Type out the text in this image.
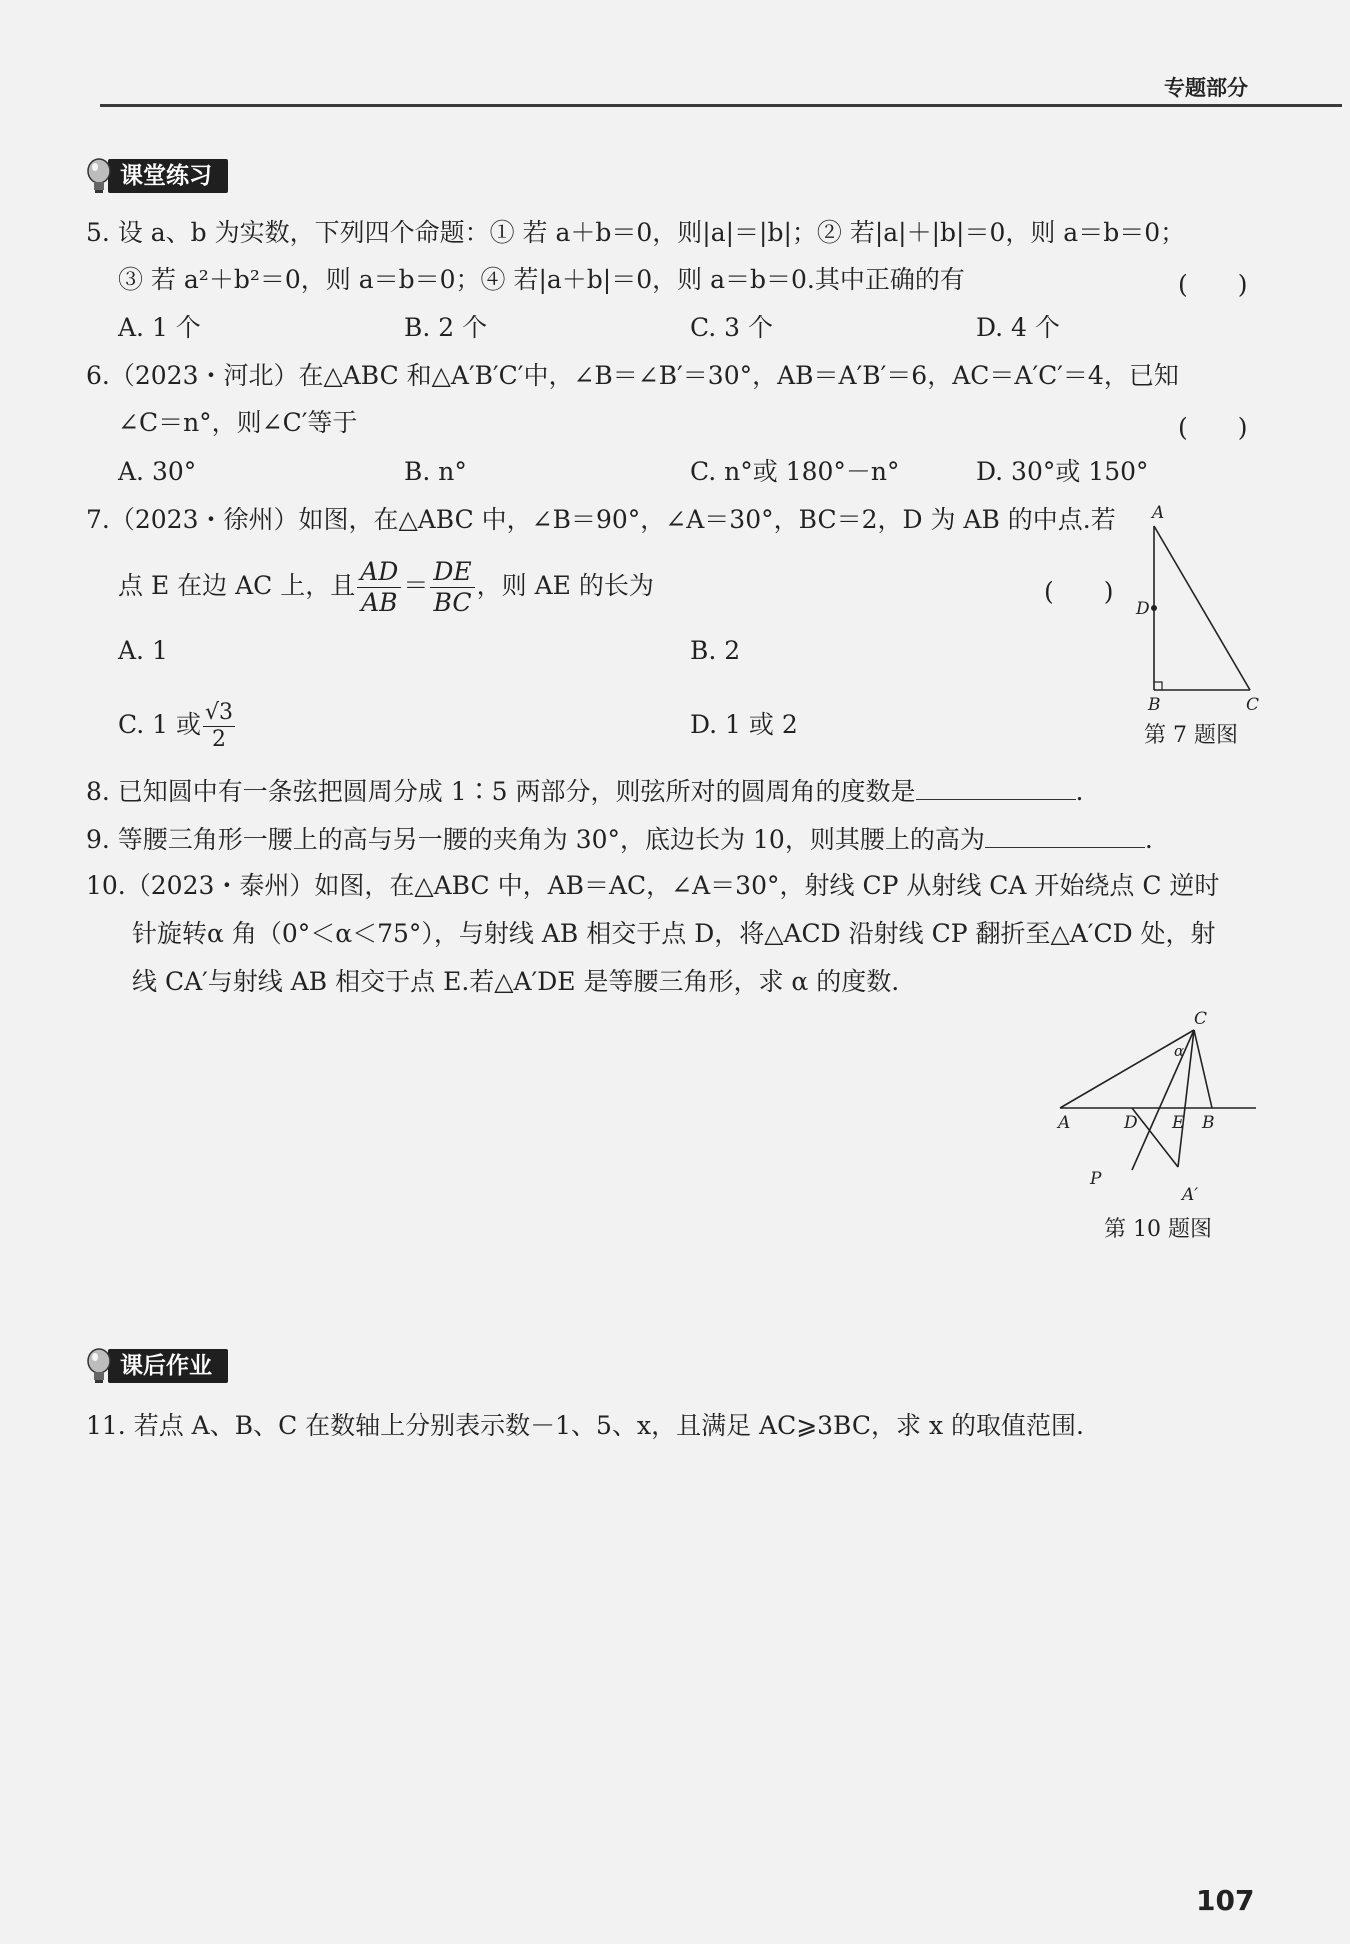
专题部分
课堂练习
5. 设 a、b 为实数，下列四个命题：① 若 a＋b＝0，则|a|＝|b|；② 若|a|＋|b|＝0，则 a＝b＝0；
③ 若 a²＋b²＝0，则 a＝b＝0；④ 若|a＋b|＝0，则 a＝b＝0.其中正确的有	(　　)
A. 1 个	B. 2 个	C. 3 个	D. 4 个
6.（2023・河北）在△ABC 和△A′B′C′中，∠B＝∠B′＝30°，AB＝A′B′＝6，AC＝A′C′＝4，已知
∠C＝n°，则∠C′等于	(　　)
A. 30°	B. n°	C. n°或 180°－n°	D. 30°或 150°
7.（2023・徐州）如图，在△ABC 中，∠B＝90°，∠A＝30°，BC＝2，D 为 AB 的中点.若
点 E 在边 AC 上，且 $\frac{AD}{AB} = \frac{DE}{BC}$ ，则 AE 的长为	(　　)
A. 1	B. 2
C. 1 或 $\frac{√3}{2}$	D. 1 或 2
A
D
B	C
第 7 题图
8. 已知圆中有一条弦把圆周分成 1∶5 两部分，则弦所对的圆周角的度数是	.
9. 等腰三角形一腰上的高与另一腰的夹角为 30°，底边长为 10，则其腰上的高为	.
10.（2023・泰州）如图，在△ABC 中，AB＝AC，∠A＝30°，射线 CP 从射线 CA 开始绕点 C 逆时
针旋转α 角（0°＜α＜75°），与射线 AB 相交于点 D，将△ACD 沿射线 CP 翻折至△A′CD 处，射
线 CA′与射线 AB 相交于点 E.若△A′DE 是等腰三角形，求 α 的度数.
C
α
A	D E B
P
A′
第 10 题图
课后作业
11. 若点 A、B、C 在数轴上分别表示数－1、5、x，且满足 AC⩾3BC，求 x 的取值范围.
107
